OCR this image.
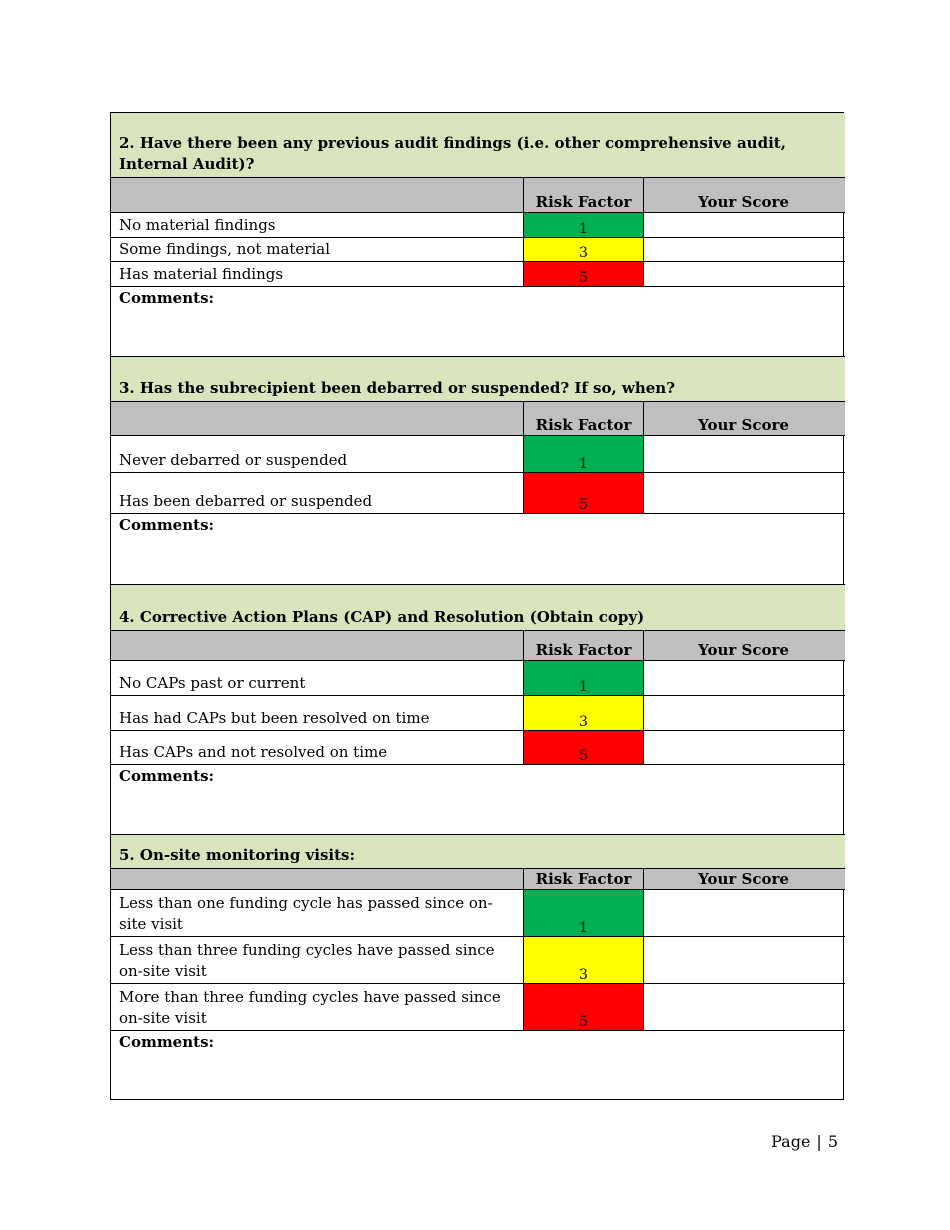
2. Have there been any previous audit findings (i.e. other comprehensive audit, Internal Audit)?
Risk Factor	Your Score
No material findings	1
Some findings, not material	3
Has material findings	5
Comments:
3. Has the subrecipient been debarred or suspended? If so, when?
Risk Factor	Your Score
Never debarred or suspended	1
Has been debarred or suspended	5
Comments:
4. Corrective Action Plans (CAP) and Resolution (Obtain copy)
Risk Factor	Your Score
No CAPs past or current	1
Has had CAPs but been resolved on time	3
Has CAPs and not resolved on time	5
Comments:
5. On-site monitoring visits:
Risk Factor	Your Score
Less than one funding cycle has passed since on-site visit	1
Less than three funding cycles have passed since on-site visit	3
More than three funding cycles have passed since on-site visit	5
Comments:
Page | 5
